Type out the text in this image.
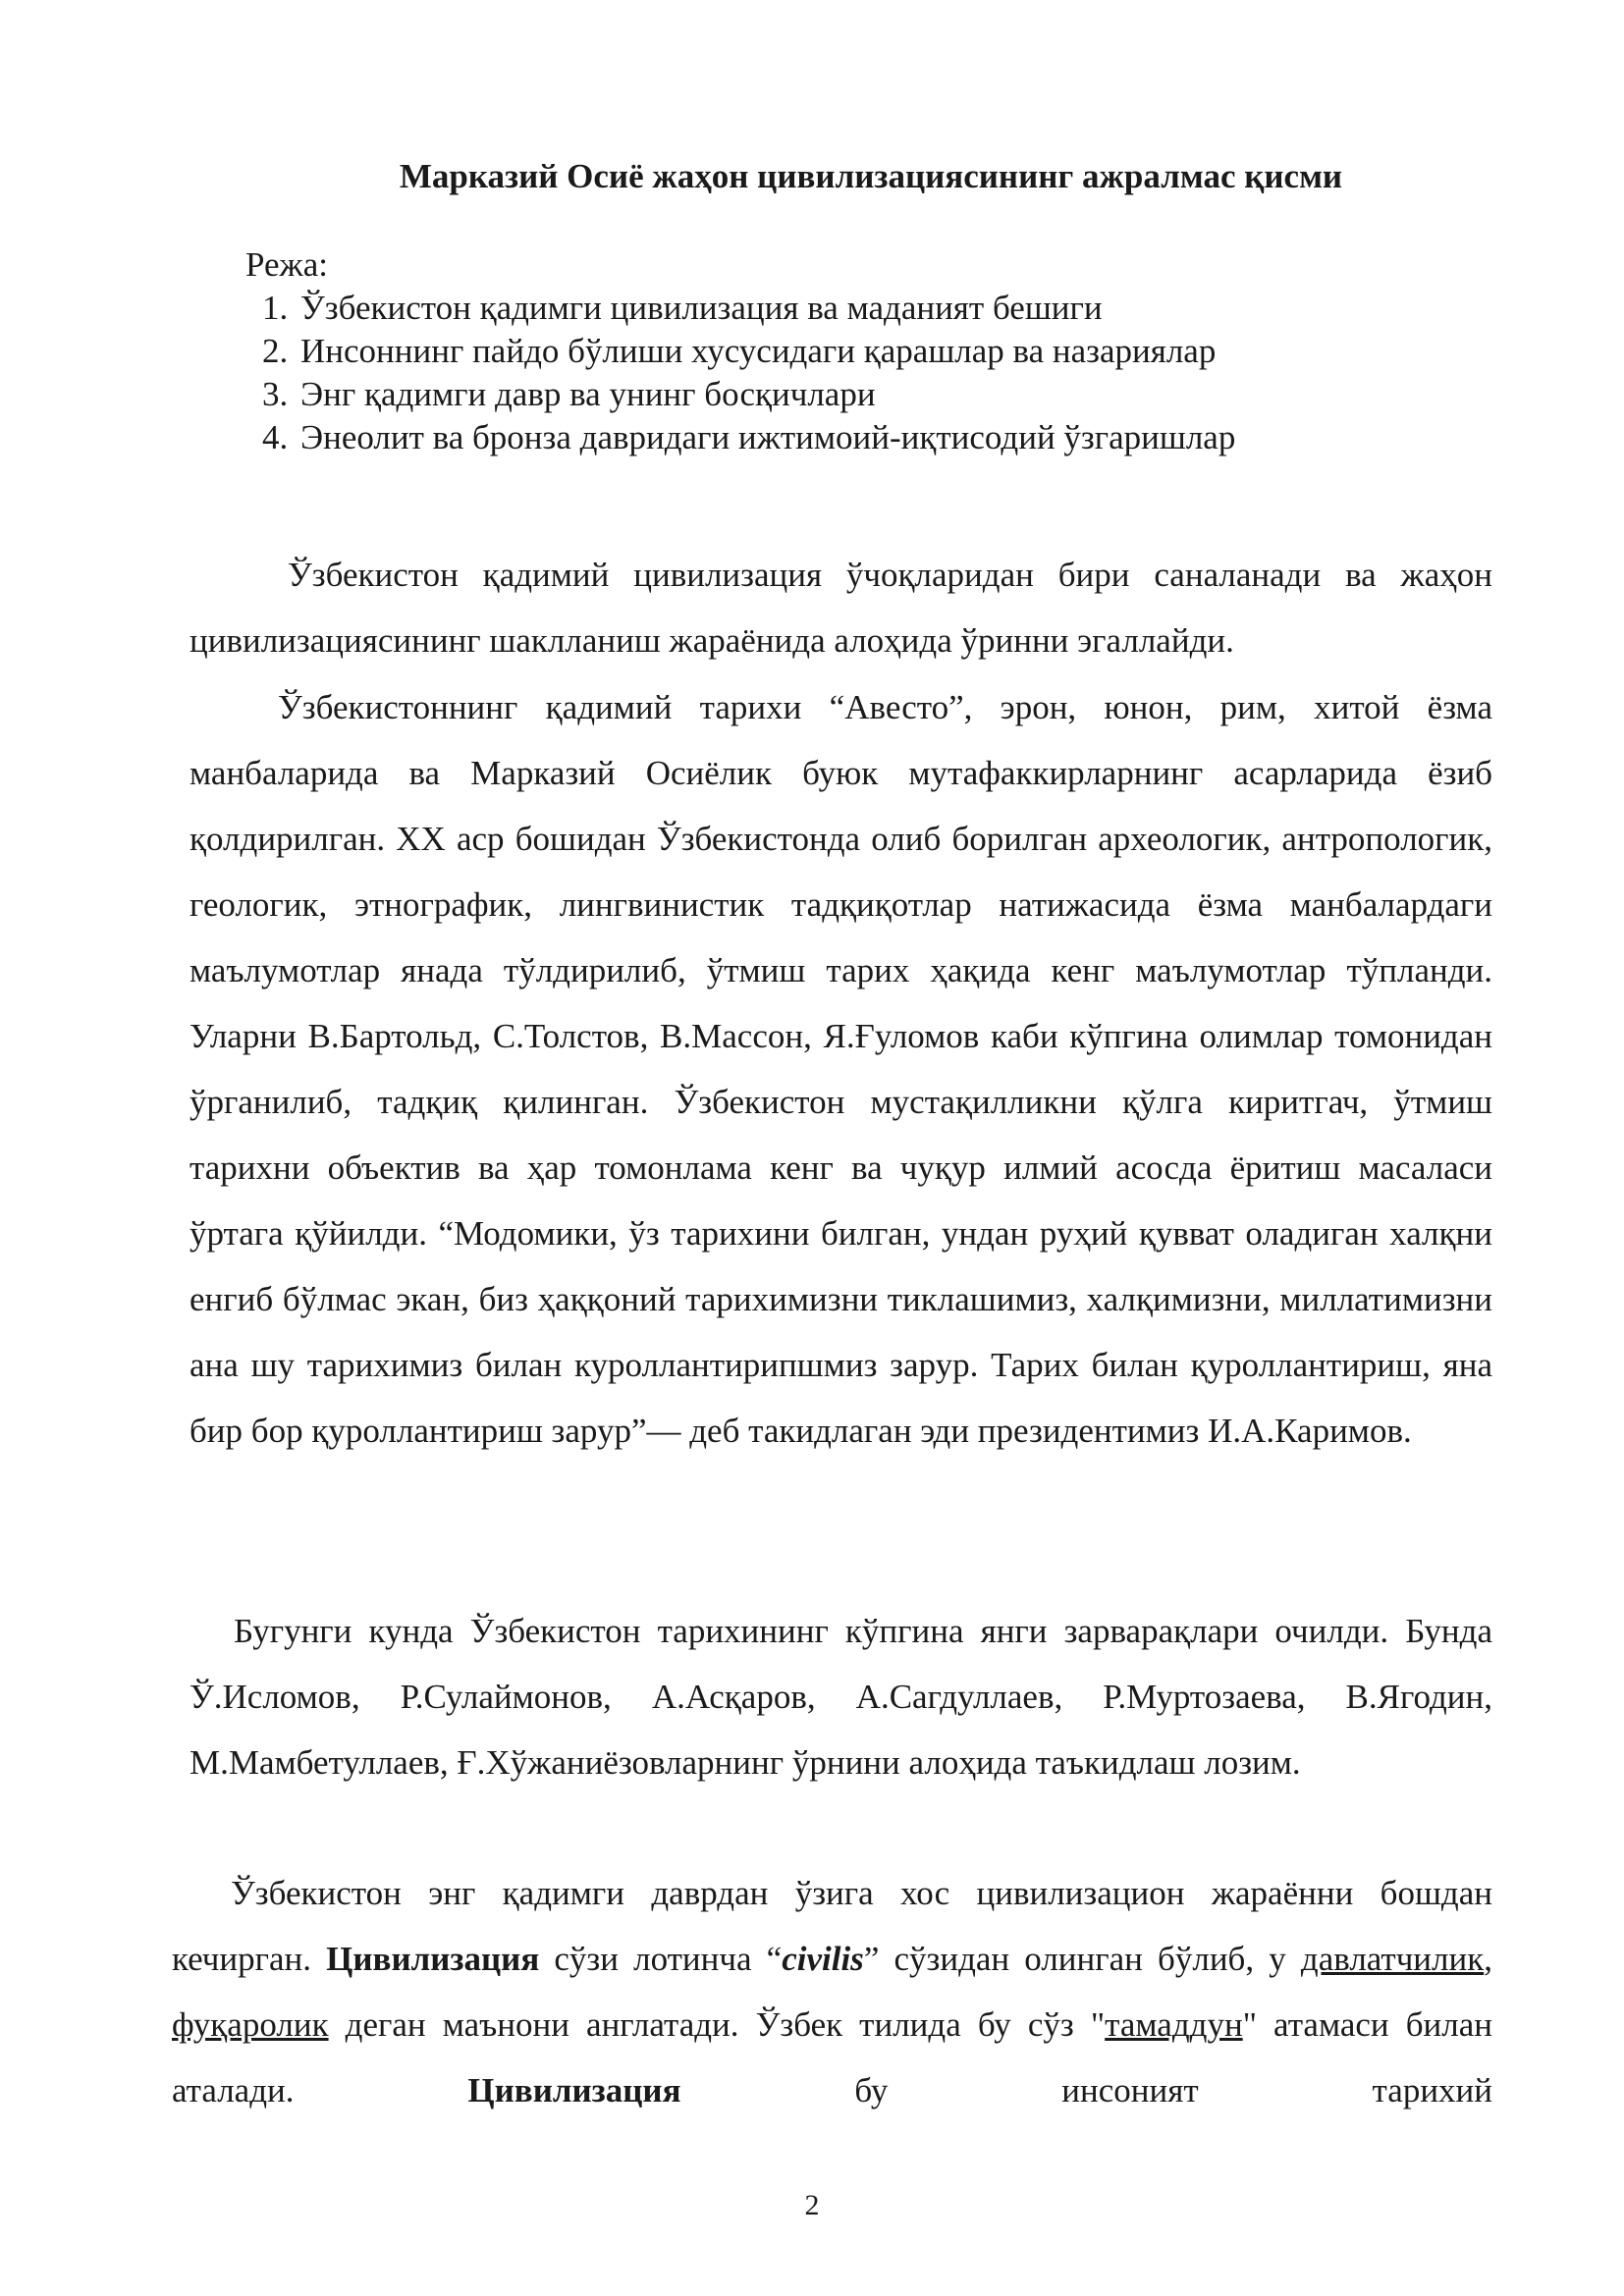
Марказий Осиё жаҳон цивилизациясининг ажралмас қисми
Режа:
1. Ўзбекистон қадимги цивилизация ва маданият бешиги
2. Инсоннинг пайдо бўлиши хусусидаги қарашлар ва назариялар
3. Энг қадимги давр ва унинг босқичлари
4. Энеолит ва бронза давридаги ижтимоий-иқтисодий ўзгаришлар

Ўзбекистон қадимий цивилизация ўчоқларидан бири саналанади ва жаҳон цивилизациясининг шаклланиш жараёнида алоҳида ўринни эгаллайди.

Ўзбекистоннинг қадимий тарихи “Авесто”, эрон, юнон, рим, хитой ёзма манбаларида ва Марказий Осиёлик буюк мутафаккирларнинг асарларида ёзиб қолдирилган. XX аср бошидан Ўзбекистонда олиб борилган археологик, антропологик, геологик, этнографик, лингвинистик тадқиқотлар натижасида ёзма манбалардаги маълумотлар янада тўлдирилиб, ўтмиш тарих ҳақида кенг маълумотлар тўпланди. Уларни В.Бартольд, С.Толстов, В.Массон, Я.Ғуломов каби кўпгина олимлар томонидан ўрганилиб, тадқиқ қилинган. Ўзбекистон мустақилликни қўлга киритгач, ўтмиш тарихни объектив ва ҳар томонлама кенг ва чуқур илмий асосда ёритиш масаласи ўртага қўйилди. “Модомики, ўз тарихини билган, ундан руҳий қувват оладиган халқни енгиб бўлмас экан, биз ҳаққоний тарихимизни тиклашимиз, халқимизни, миллатимизни ана шу тарихимиз билан куроллантирипшмиз зарур. Тарих билан қуроллантириш, яна бир бор қуроллантириш зарур”— деб такидлаган эди президентимиз И.А.Каримов.

Бугунги кунда Ўзбекистон тарихининг кўпгина янги зарварақлари очилди. Бунда Ў.Исломов, Р.Сулаймонов, А.Асқаров, А.Сагдуллаев, Р.Муртозаева, В.Ягодин, М.Мамбетуллаев, Ғ.Хўжаниёзовларнинг ўрнини алоҳида таъкидлаш лозим.

Ўзбекистон энг қадимги даврдан ўзига хос цивилизацион жараённи бошдан кечирган. Цивилизация сўзи лотинча “civilis” сўзидан олинган бўлиб, у давлатчилик, фуқаролик деган маънони англатади. Ўзбек тилида бу сўз "тамаддун" атамаси билан аталади. Цивилизация бу инсоният тарихий

2
